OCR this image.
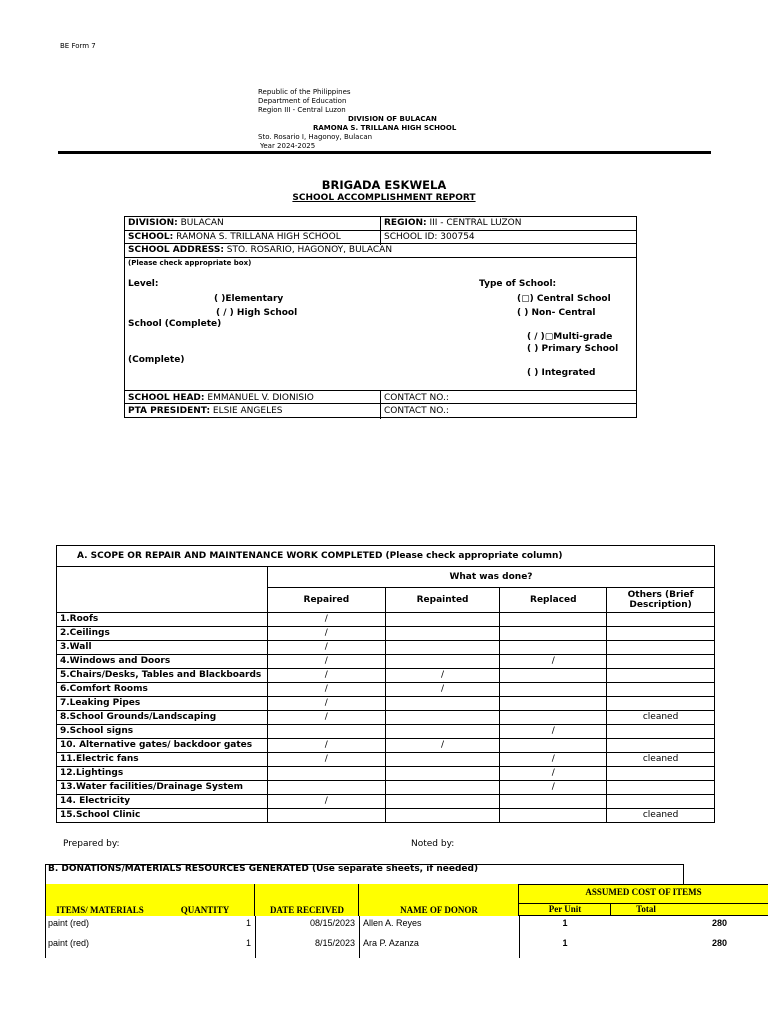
BE Form 7
Republic of the Philippines
Department of Education
Region III - Central Luzon
DIVISION OF BULACAN
RAMONA S. TRILLANA HIGH SCHOOL
Sto. Rosario I, Hagonoy, Bulacan
Year 2024-2025
BRIGADA ESKWELA
SCHOOL ACCOMPLISHMENT REPORT
DIVISION: BULACAN	REGION: III - CENTRAL LUZON
SCHOOL: RAMONA S. TRILLANA HIGH SCHOOL	SCHOOL ID: 300754
SCHOOL ADDRESS: STO. ROSARIO, HAGONOY, BULACAN
(Please check appropriate box)
Level:	Type of School:
( )Elementary	(▢) Central School
( / ) High School	( ) Non- Central
School (Complete)
( / )▢Multi-grade
( ) Primary School
(Complete)
( ) Integrated
SCHOOL HEAD: EMMANUEL V. DIONISIO	CONTACT NO.:
PTA PRESIDENT: ELSIE ANGELES	CONTACT NO.:
A. SCOPE OR REPAIR AND MAINTENANCE WORK COMPLETED (Please check appropriate column)				
	What was done?			
	Repaired	Repainted	Replaced	Others (Brief Description)
1.Roofs	/			
2.Ceilings	/			
3.Wall	/			
4.Windows and Doors	/		/	
5.Chairs/Desks, Tables and Blackboards	/	/		
6.Comfort Rooms	/	/		
7.Leaking Pipes	/			
8.School Grounds/Landscaping	/			cleaned
9.School signs			/	
10. Alternative gates/ backdoor gates	/	/		
11.Electric fans	/		/	cleaned
12.Lightings			/	
13.Water facilities/Drainage System			/	
14. Electricity	/			
15.School Clinic				cleaned
Prepared by:	Noted by:
B. DONATIONS/MATERIALS RESOURCES GENERATED (Use separate sheets, if needed)
ASSUMED COST OF ITEMS
ITEMS/ MATERIALS	QUANTITY	DATE RECEIVED	NAME OF DONOR	Per Unit	Total
paint (red)	1	08/15/2023 Allen A. Reyes	1	280
paint (red)	1	8/15/2023 Ara P. Azanza	1	280
